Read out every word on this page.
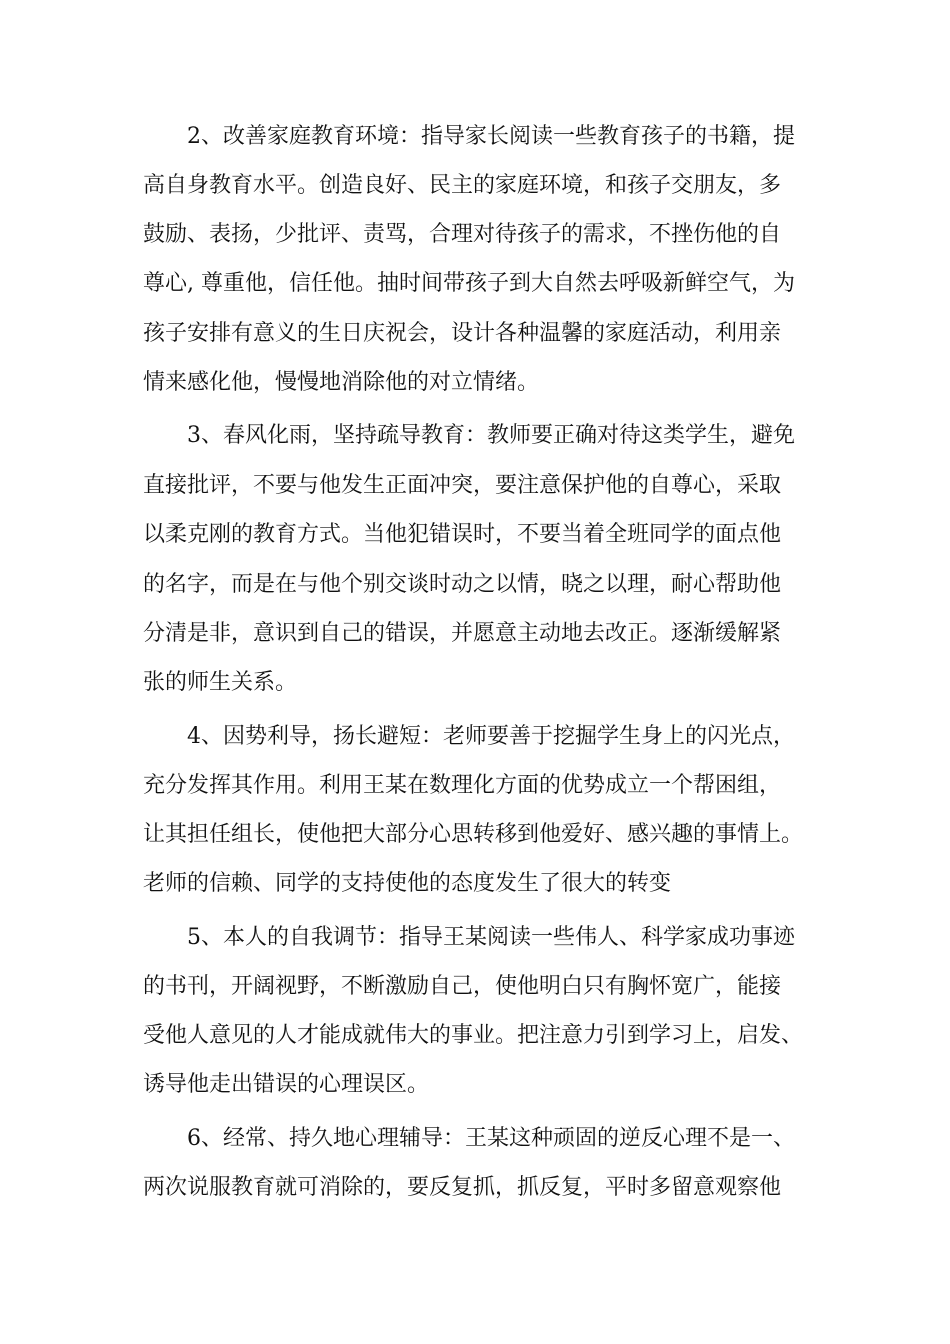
2、改善家庭教育环境：指导家长阅读一些教育孩子的书籍，提
高自身教育水平。创造良好、民主的家庭环境，和孩子交朋友，多
鼓励、表扬，少批评、责骂，合理对待孩子的需求，不挫伤他的自
尊心, 尊重他，信任他。抽时间带孩子到大自然去呼吸新鲜空气，为
孩子安排有意义的生日庆祝会，设计各种温馨的家庭活动，利用亲
情来感化他，慢慢地消除他的对立情绪。
3、春风化雨，坚持疏导教育：教师要正确对待这类学生，避免
直接批评，不要与他发生正面冲突，要注意保护他的自尊心，采取
以柔克刚的教育方式。当他犯错误时，不要当着全班同学的面点他
的名字，而是在与他个别交谈时动之以情，晓之以理，耐心帮助他
分清是非，意识到自己的错误，并愿意主动地去改正。逐渐缓解紧
张的师生关系。
4、因势利导，扬长避短：老师要善于挖掘学生身上的闪光点，
充分发挥其作用。利用王某在数理化方面的优势成立一个帮困组，
让其担任组长，使他把大部分心思转移到他爱好、感兴趣的事情上。
老师的信赖、同学的支持使他的态度发生了很大的转变
5、本人的自我调节：指导王某阅读一些伟人、科学家成功事迹
的书刊，开阔视野，不断激励自己，使他明白只有胸怀宽广，能接
受他人意见的人才能成就伟大的事业。把注意力引到学习上，启发、
诱导他走出错误的心理误区。
6、经常、持久地心理辅导：王某这种顽固的逆反心理不是一、
两次说服教育就可消除的，要反复抓，抓反复，平时多留意观察他
